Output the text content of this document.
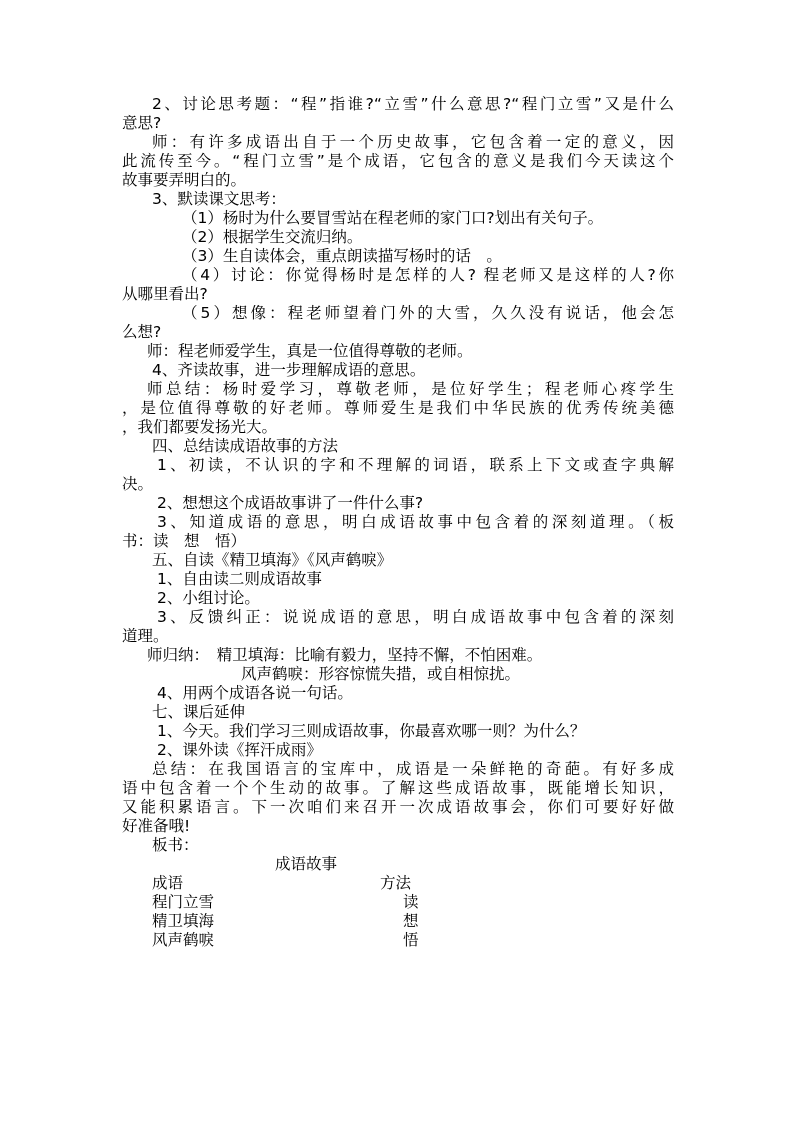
2、讨论思考题：“程”指谁?“立雪”什么意思?“程门立雪”又是什么
意思?
师：有许多成语出自于一个历史故事，它包含着一定的意义，因
此流传至今。“程门立雪”是个成语，它包含的意义是我们今天读这个
故事要弄明白的。
3、默读课文思考：
（1）杨时为什么要冒雪站在程老师的家门口?划出有关句子。
（2）根据学生交流归纳。
（3）生自读体会，重点朗读描写杨时的话　。
（4）讨论：你觉得杨时是怎样的人? 程老师又是这样的人?你
从哪里看出?
（5）想像：程老师望着门外的大雪，久久没有说话，他会怎
么想?
师：程老师爱学生，真是一位值得尊敬的老师。
4、齐读故事，进一步理解成语的意思。
师总结：杨时爱学习，尊敬老师，是位好学生；程老师心疼学生
，是位值得尊敬的好老师。尊师爱生是我们中华民族的优秀传统美德
，我们都要发扬光大。
四、总结读成语故事的方法
1、初读，不认识的字和不理解的词语，联系上下文或查字典解
决。
2、想想这个成语故事讲了一件什么事?
3、知道成语的意思，明白成语故事中包含着的深刻道理。（板
书：读　想　悟）
五、自读《精卫填海》《风声鹤唳》
1、自由读二则成语故事
2、小组讨论。
3、反馈纠正：说说成语的意思，明白成语故事中包含着的深刻
道理。
师归纳：　精卫填海：比喻有毅力，坚持不懈，不怕困难。
风声鹤唳：形容惊慌失措，或自相惊扰。
4、用两个成语各说一句话。
七、课后延伸
1、今天。我们学习三则成语故事，你最喜欢哪一则？为什么？
2、课外读《挥汗成雨》
总结：在我国语言的宝库中，成语是一朵鲜艳的奇葩。有好多成
语中包含着一个个生动的故事。了解这些成语故事，既能增长知识，
又能积累语言。下一次咱们来召开一次成语故事会，你们可要好好做
好准备哦!
板书：
成语故事
成语	方法
程门立雪	读
精卫填海	想
风声鹤唳	悟
